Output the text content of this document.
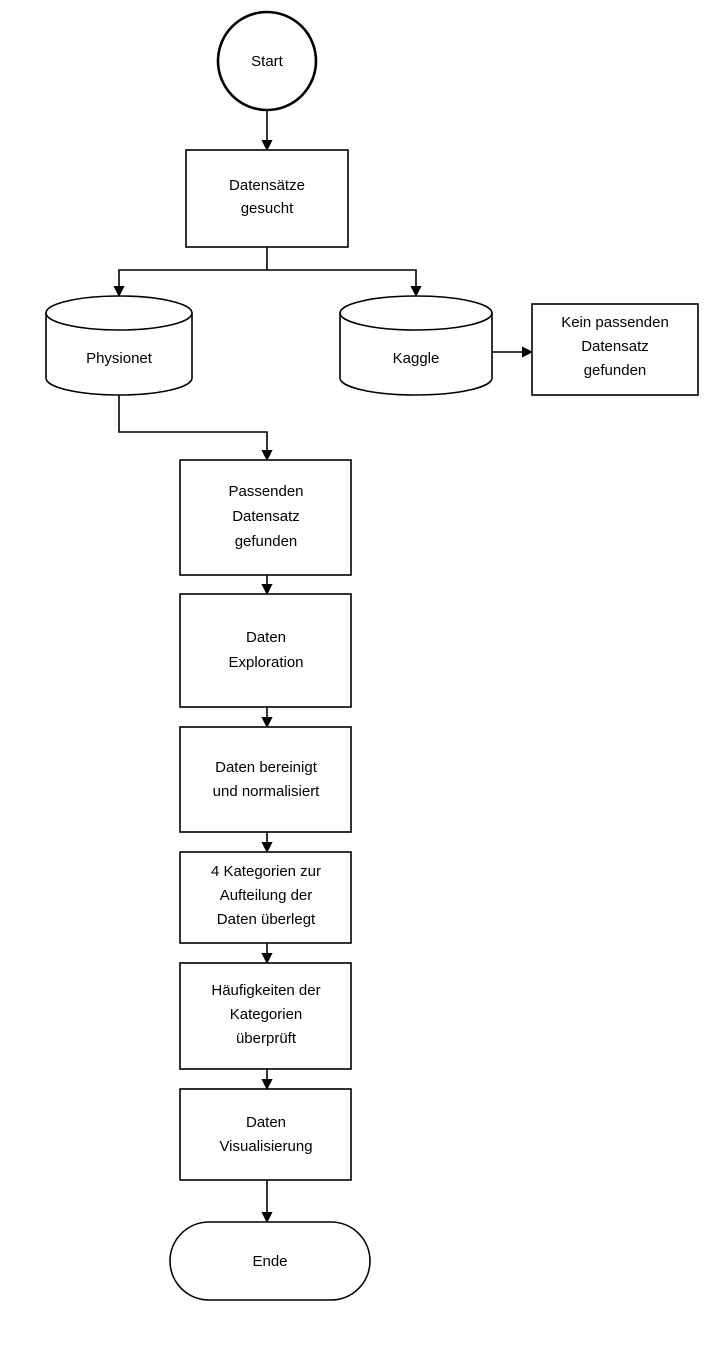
Start
Datensätze
gesucht
Physionet	Kaggle
Kein passenden
Datensatz
gefunden
Passenden
Datensatz
gefunden
Daten
Exploration
Daten bereinigt
und normalisiert
4 Kategorien zur
Aufteilung der
Daten überlegt
Häufigkeiten der
Kategorien
überprüft
Daten
Visualisierung
Ende
